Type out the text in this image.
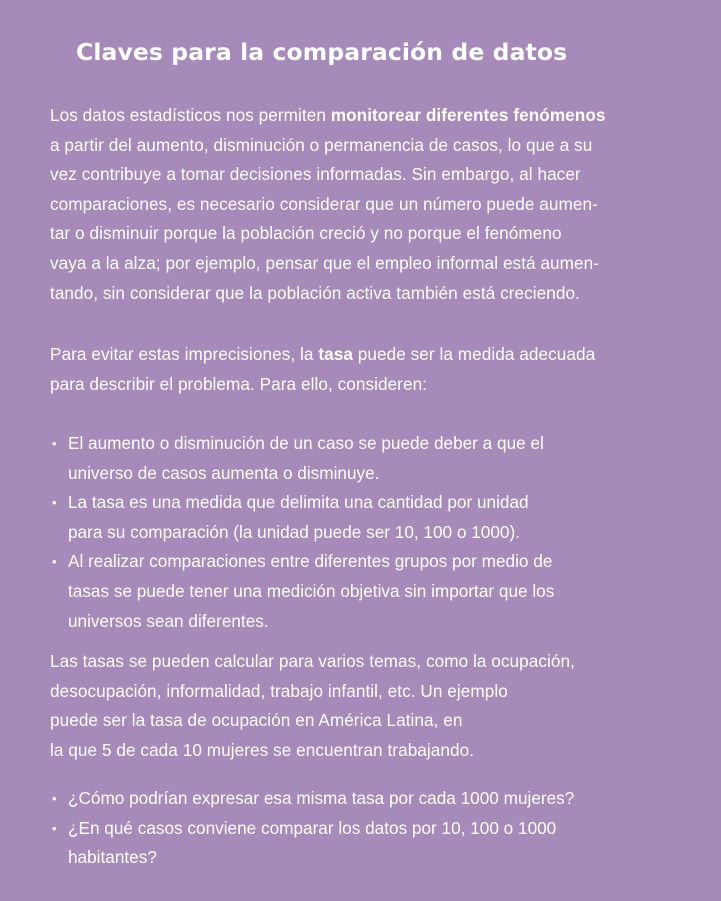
Claves para la comparación de datos

Los datos estadísticos nos permiten monitorear diferentes fenómenos
a partir del aumento, disminución o permanencia de casos, lo que a su
vez contribuye a tomar decisiones informadas. Sin embargo, al hacer
comparaciones, es necesario considerar que un número puede aumen-
tar o disminuir porque la población creció y no porque el fenómeno
vaya a la alza; por ejemplo, pensar que el empleo informal está aumen-
tando, sin considerar que la población activa también está creciendo.

Para evitar estas imprecisiones, la tasa puede ser la medida adecuada
para describir el problema. Para ello, consideren:

• El aumento o disminución de un caso se puede deber a que el
universo de casos aumenta o disminuye.
• La tasa es una medida que delimita una cantidad por unidad
para su comparación (la unidad puede ser 10, 100 o 1000).
• Al realizar comparaciones entre diferentes grupos por medio de
tasas se puede tener una medición objetiva sin importar que los
universos sean diferentes.

Las tasas se pueden calcular para varios temas, como la ocupación,
desocupación, informalidad, trabajo infantil, etc. Un ejemplo
puede ser la tasa de ocupación en América Latina, en
la que 5 de cada 10 mujeres se encuentran trabajando.

• ¿Cómo podrían expresar esa misma tasa por cada 1000 mujeres?
• ¿En qué casos conviene comparar los datos por 10, 100 o 1000
habitantes?
